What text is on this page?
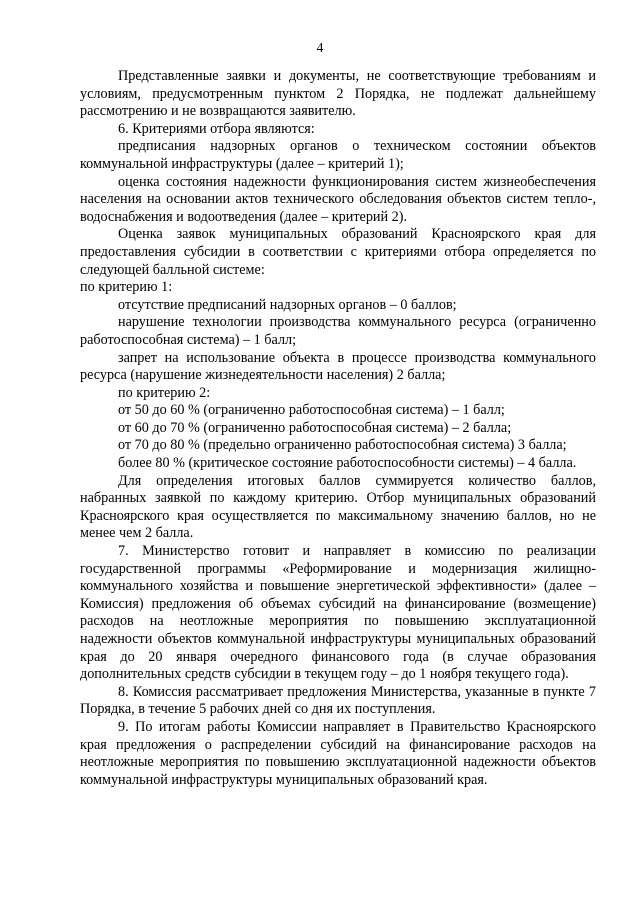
4

Представленные заявки и документы, не соответствующие требованиям и условиям, предусмотренным пунктом 2 Порядка, не подлежат дальнейшему рассмотрению и не возвращаются заявителю.

6. Критериями отбора являются:

предписания надзорных органов о техническом состоянии объектов коммунальной инфраструктуры (далее – критерий 1);

оценка состояния надежности функционирования систем жизнеобеспечения населения на основании актов технического обследования объектов систем тепло-, водоснабжения и водоотведения (далее – критерий 2).

Оценка заявок муниципальных образований Красноярского края для предоставления субсидии в соответствии с критериями отбора определяется по следующей балльной системе:

по критерию 1:

отсутствие предписаний надзорных органов – 0 баллов;

нарушение технологии производства коммунального ресурса (ограниченно работоспособная система) – 1 балл;

запрет на использование объекта в процессе производства коммунального ресурса (нарушение жизнедеятельности населения) 2 балла;

по критерию 2:

от 50 до 60 % (ограниченно работоспособная система) – 1 балл;

от 60 до 70 % (ограниченно работоспособная система) – 2 балла;

от 70 до 80 % (предельно ограниченно работоспособная система) 3 балла;

более 80 % (критическое состояние работоспособности системы) – 4 балла.

Для определения итоговых баллов суммируется количество баллов, набранных заявкой по каждому критерию. Отбор муниципальных образований Красноярского края осуществляется по максимальному значению баллов, но не менее чем 2 балла.

7. Министерство готовит и направляет в комиссию по реализации государственной программы «Реформирование и модернизация жилищно-коммунального хозяйства и повышение энергетической эффективности» (далее – Комиссия) предложения об объемах субсидий на финансирование (возмещение) расходов на неотложные мероприятия по повышению эксплуатационной надежности объектов коммунальной инфраструктуры муниципальных образований края до 20 января очередного финансового года (в случае образования дополнительных средств субсидии в текущем году – до 1 ноября текущего года).

8. Комиссия рассматривает предложения Министерства, указанные в пункте 7 Порядка, в течение 5 рабочих дней со дня их поступления.

9. По итогам работы Комиссии направляет в Правительство Красноярского края предложения о распределении субсидий на финансирование расходов на неотложные мероприятия по повышению эксплуатационной надежности объектов коммунальной инфраструктуры муниципальных образований края.
